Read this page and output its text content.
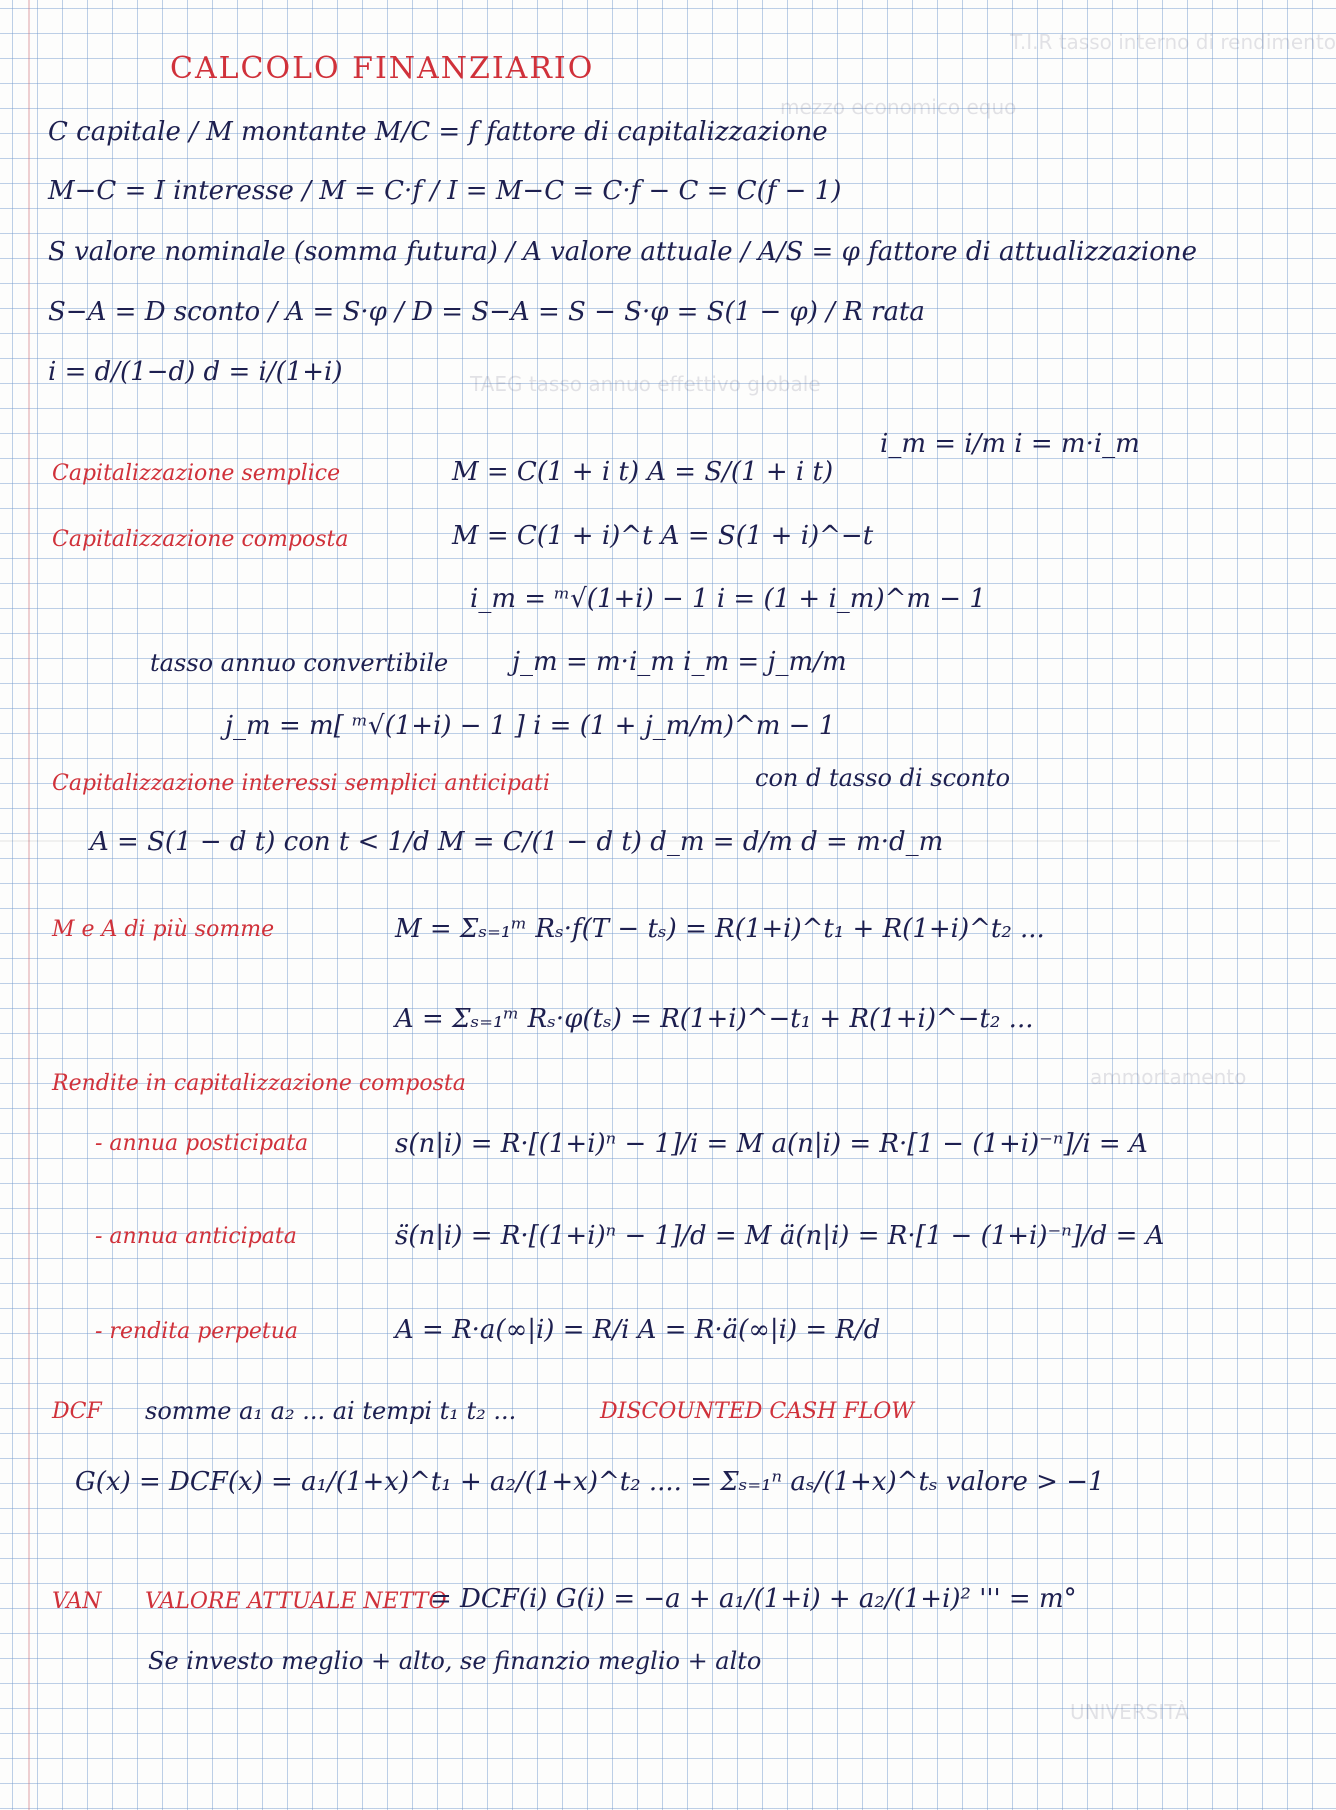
T.I.R tasso interno di rendimento
mezzo economico equo
TAEG tasso annuo effettivo globale
ammortamento
UNIVERSITÀ
CALCOLO FINANZIARIO
C capitale / M montante M/C = f fattore di capitalizzazione
M−C = I interesse / M = C·f / I = M−C = C·f − C = C(f − 1)
S valore nominale (somma futura) / A valore attuale / A/S = φ fattore di attualizzazione
S−A = D sconto / A = S·φ / D = S−A = S − S·φ = S(1 − φ) / R rata
i = d/(1−d) d = i/(1+i)
i_m = i/m i = m·i_m
Capitalizzazione semplice	M = C(1 + i t) A = S/(1 + i t)
Capitalizzazione composta	M = C(1 + i)^t A = S(1 + i)^−t
i_m = ᵐ√(1+i) − 1 i = (1 + i_m)^m − 1
tasso annuo convertibile j_m = m·i_m i_m = j_m/m
j_m = m[ ᵐ√(1+i) − 1 ] i = (1 + j_m/m)^m − 1
Capitalizzazione interessi semplici anticipati	con d tasso di sconto
A = S(1 − d t) con t < 1/d M = C/(1 − d t) d_m = d/m d = m·d_m
M e A di più somme	M = Σₛ₌₁ᵐ Rₛ·f(T − tₛ) = R(1+i)^t₁ + R(1+i)^t₂ ...
A = Σₛ₌₁ᵐ Rₛ·φ(tₛ) = R(1+i)^−t₁ + R(1+i)^−t₂ ...
Rendite in capitalizzazione composta
- annua posticipata	s(n|i) = R·[(1+i)ⁿ − 1]/i = M a(n|i) = R·[1 − (1+i)⁻ⁿ]/i = A
- annua anticipata	s̈(n|i) = R·[(1+i)ⁿ − 1]/d = M ä(n|i) = R·[1 − (1+i)⁻ⁿ]/d = A
- rendita perpetua	A = R·a(∞|i) = R/i A = R·ä(∞|i) = R/d
DCF somme a₁ a₂ ... ai tempi t₁ t₂ ...	DISCOUNTED CASH FLOW
G(x) = DCF(x) = a₁/(1+x)^t₁ + a₂/(1+x)^t₂ .... = Σₛ₌₁ⁿ aₛ/(1+x)^tₛ valore > −1
VAN VALORE ATTUALE NETTO
= DCF(i) G(i) = −a + a₁/(1+i) + a₂/(1+i)² ''' = m°
Se investo meglio + alto, se finanzio meglio + alto
